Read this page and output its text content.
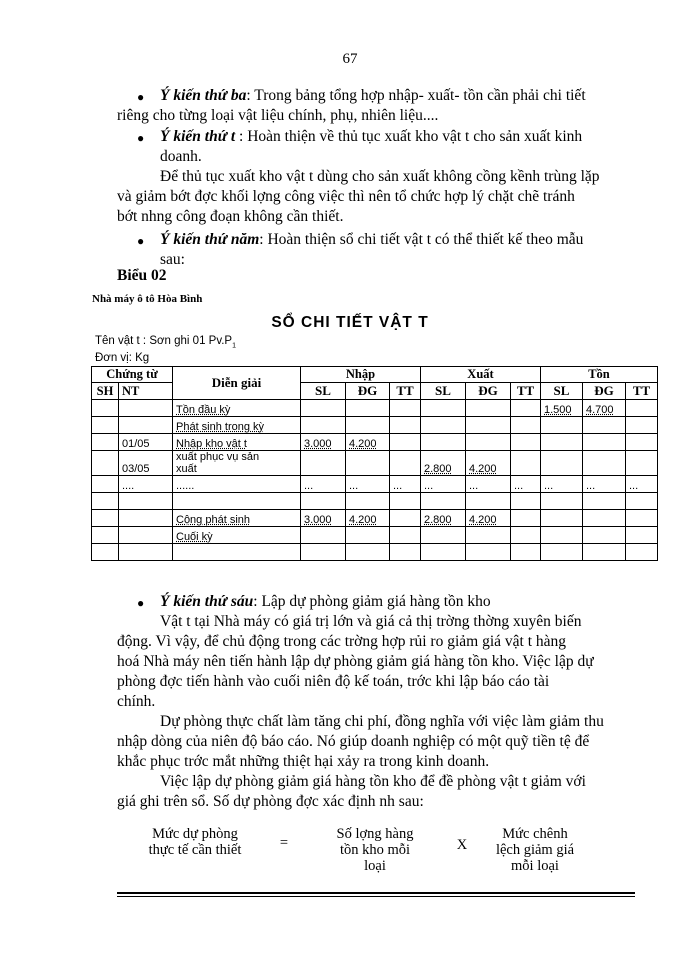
67
● Ý kiến thứ ba: Trong bảng tổng hợp nhập- xuất- tồn cần phải chi tiết
riêng cho từng loại vật liệu chính, phụ, nhiên liệu....
● Ý kiến thứ t : Hoàn thiện về thủ tục xuất kho vật t cho sản xuất kinh
doanh.
Để thủ tục xuất kho vật t dùng cho sản xuất không cồng kềnh trùng lặp
và giảm bớt đợc khối lợng công việc thì nên tổ chức hợp lý chặt chẽ tránh
bớt nhng công đoạn không cần thiết.
● Ý kiến thứ năm: Hoàn thiện sổ chi tiết vật t có thể thiết kế theo mẫu
sau:
Biểu 02
Nhà máy ô tô Hòa Bình
SỔ CHI TIẾT VẬT T
Tên vật t : Sơn ghi 01 $Pv.P_1$
Đơn vị: Kg
Chứng từ		Diễn giải	Nhập			Xuất			Tồn		
SH	NT		SL	ĐG	TT	SL	ĐG	TT	SL	ĐG	TT
		Tồn đầu kỳ							1.500	4.700	
		Phát sinh trong kỳ									
	01/05	Nhập kho vật t	3.000	4.200							
	03/05	xuất phục vụ sản
xuất				2.800	4.200				
	....	......	...	...	...	...	...	...	...	...	...

		Cộng phát sinh	3.000	4.200		2.800	4.200				
		Cuối kỳ									

● Ý kiến thứ sáu: Lập dự phòng giảm giá hàng tồn kho
Vật t tại Nhà máy có giá trị lớn và giá cả thị trờng thờng xuyên biến
động. Vì vậy, để chủ động trong các trờng hợp rủi ro giảm giá vật t hàng
hoá Nhà máy nên tiến hành lập dự phòng giảm giá hàng tồn kho. Việc lập dự
phòng đợc tiến hành vào cuối niên độ kế toán, trớc khi lập báo cáo tài
chính.
Dự phòng thực chất làm tăng chi phí, đồng nghĩa với việc làm giảm thu
nhập dòng của niên độ báo cáo. Nó giúp doanh nghiệp có một quỹ tiền tệ để
khắc phục trớc mắt những thiệt hại xảy ra trong kinh doanh.
Việc lập dự phòng giảm giá hàng tồn kho để đề phòng vật t giảm với
giá ghi trên sổ. Số dự phòng đợc xác định nh sau:
Mức dự phòng
thực tế cần thiết	=
Số lợng hàng
tồn kho mỗi
loại
X
Mức chênh
lệch giảm giá
mỗi loại
